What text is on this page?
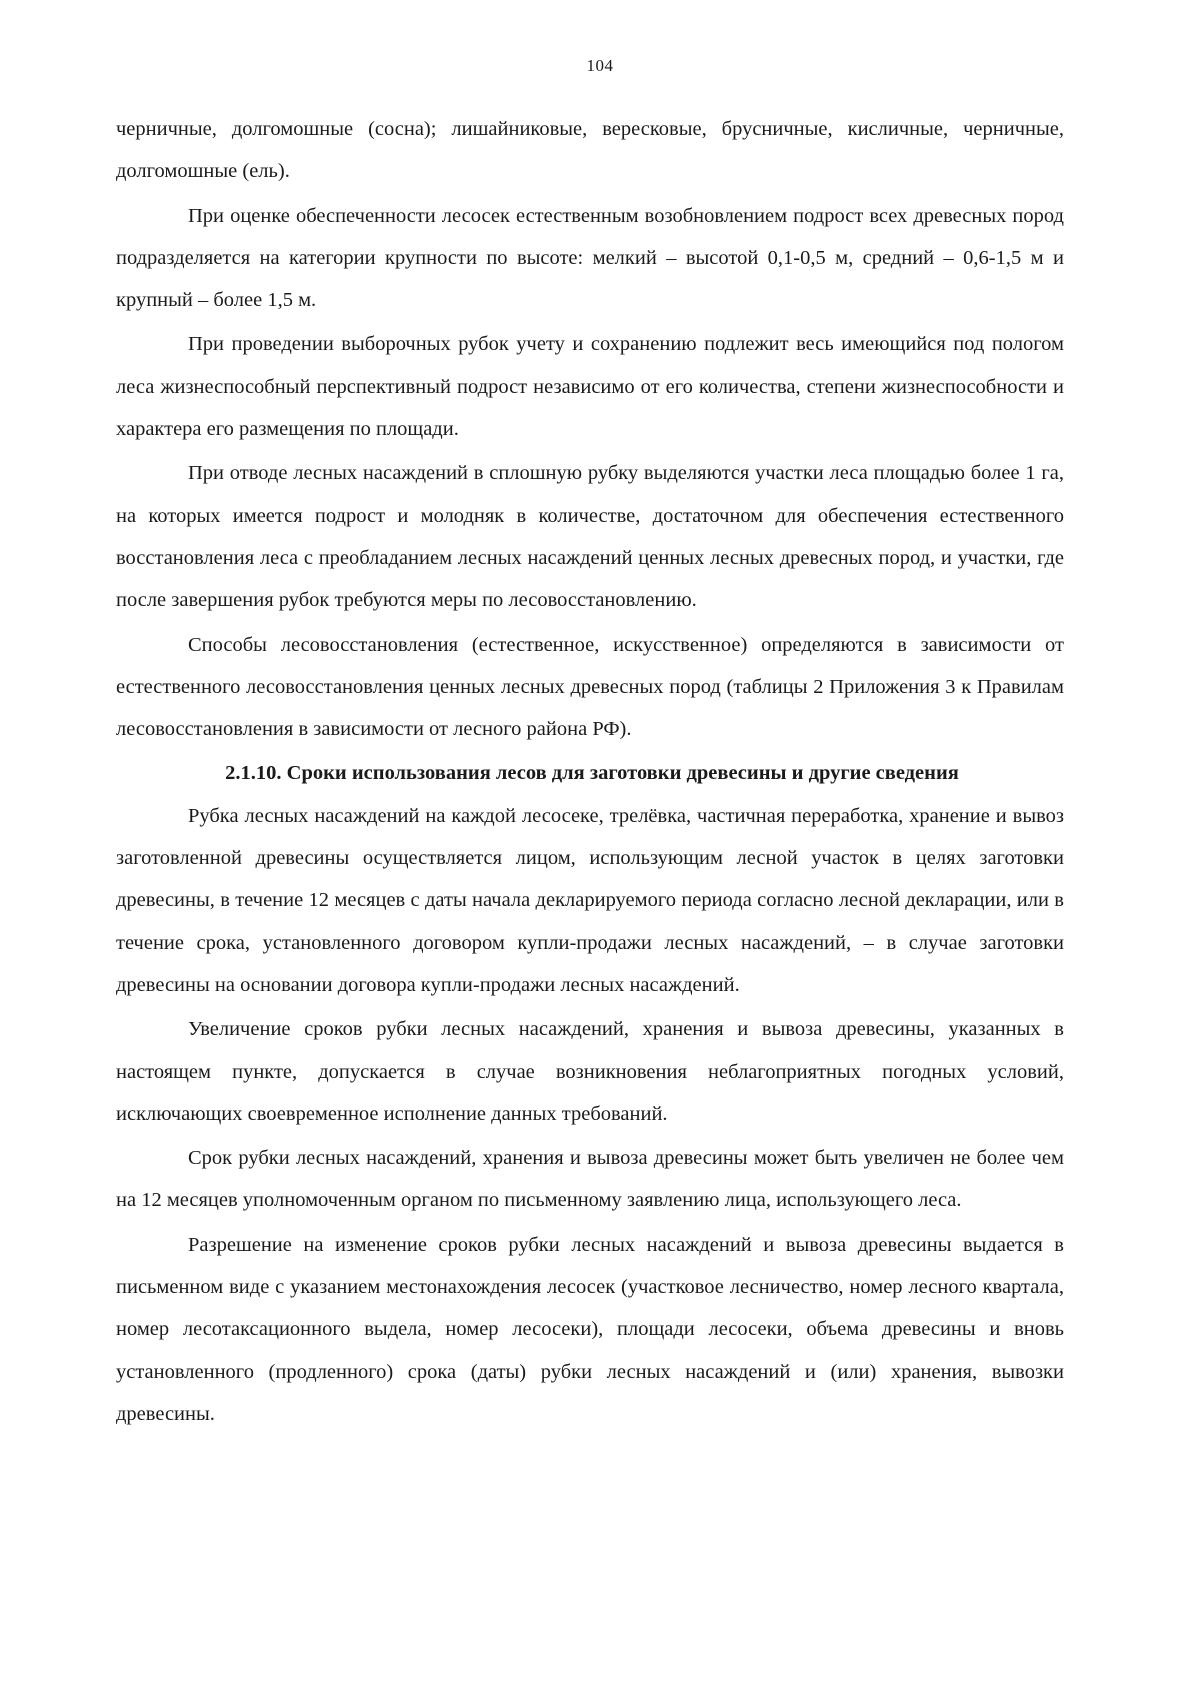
104

черничные, долгомошные (сосна); лишайниковые, вересковые, брусничные, кисличные, черничные, долгомошные (ель).

При оценке обеспеченности лесосек естественным возобновлением подрост всех древесных пород подразделяется на категории крупности по высоте: мелкий – высотой 0,1-0,5 м, средний – 0,6-1,5 м и крупный – более 1,5 м.

При проведении выборочных рубок учету и сохранению подлежит весь имеющийся под пологом леса жизнеспособный перспективный подрост независимо от его количества, степени жизнеспособности и характера его размещения по площади.

При отводе лесных насаждений в сплошную рубку выделяются участки леса площадью более 1 га, на которых имеется подрост и молодняк в количестве, достаточном для обеспечения естественного восстановления леса с преобладанием лесных насаждений ценных лесных древесных пород, и участки, где после завершения рубок требуются меры по лесовосстановлению.

Способы лесовосстановления (естественное, искусственное) определяются в зависимости от естественного лесовосстановления ценных лесных древесных пород (таблицы 2 Приложения 3 к Правилам лесовосстановления в зависимости от лесного района РФ).

2.1.10. Сроки использования лесов для заготовки древесины и другие сведения

Рубка лесных насаждений на каждой лесосеке, трелёвка, частичная переработка, хранение и вывоз заготовленной древесины осуществляется лицом, использующим лесной участок в целях заготовки древесины, в течение 12 месяцев с даты начала декларируемого периода согласно лесной декларации, или в течение срока, установленного договором купли-продажи лесных насаждений, – в случае заготовки древесины на основании договора купли-продажи лесных насаждений.

Увеличение сроков рубки лесных насаждений, хранения и вывоза древесины, указанных в настоящем пункте, допускается в случае возникновения неблагоприятных погодных условий, исключающих своевременное исполнение данных требований.

Срок рубки лесных насаждений, хранения и вывоза древесины может быть увеличен не более чем на 12 месяцев уполномоченным органом по письменному заявлению лица, использующего леса.

Разрешение на изменение сроков рубки лесных насаждений и вывоза древесины выдается в письменном виде с указанием местонахождения лесосек (участковое лесничество, номер лесного квартала, номер лесотаксационного выдела, номер лесосеки), площади лесосеки, объема древесины и вновь установленного (продленного) срока (даты) рубки лесных насаждений и (или) хранения, вывозки древесины.
